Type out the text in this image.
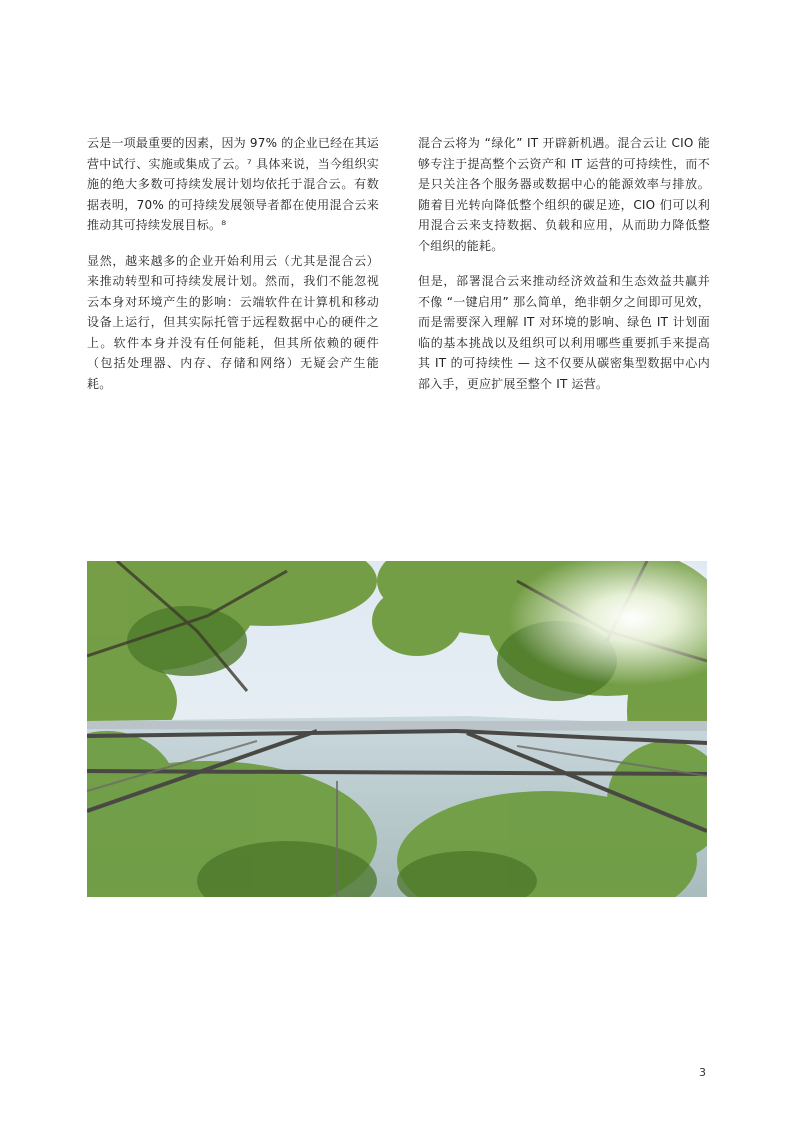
云是一项最重要的因素，因为 97% 的企业已经在其运营中试行、实施或集成了云。⁷ 具体来说，当今组织实施的绝大多数可持续发展计划均依托于混合云。有数据表明，70% 的可持续发展领导者都在使用混合云来推动其可持续发展目标。⁸

显然，越来越多的企业开始利用云（尤其是混合云）来推动转型和可持续发展计划。然而，我们不能忽视云本身对环境产生的影响：云端软件在计算机和移动设备上运行，但其实际托管于远程数据中心的硬件之上。软件本身并没有任何能耗，但其所依赖的硬件（包括处理器、内存、存储和网络）无疑会产生能耗。

混合云将为 “绿化” IT 开辟新机遇。混合云让 CIO 能够专注于提高整个云资产和 IT 运营的可持续性，而不是只关注各个服务器或数据中心的能源效率与排放。随着目光转向降低整个组织的碳足迹，CIO 们可以利用混合云来支持数据、负载和应用，从而助力降低整个组织的能耗。

但是，部署混合云来推动经济效益和生态效益共赢并不像 “一键启用” 那么简单，绝非朝夕之间即可见效，而是需要深入理解 IT 对环境的影响、绿色 IT 计划面临的基本挑战以及组织可以利用哪些重要抓手来提高其 IT 的可持续性 — 这不仅要从碳密集型数据中心内部入手，更应扩展至整个 IT 运营。

3
